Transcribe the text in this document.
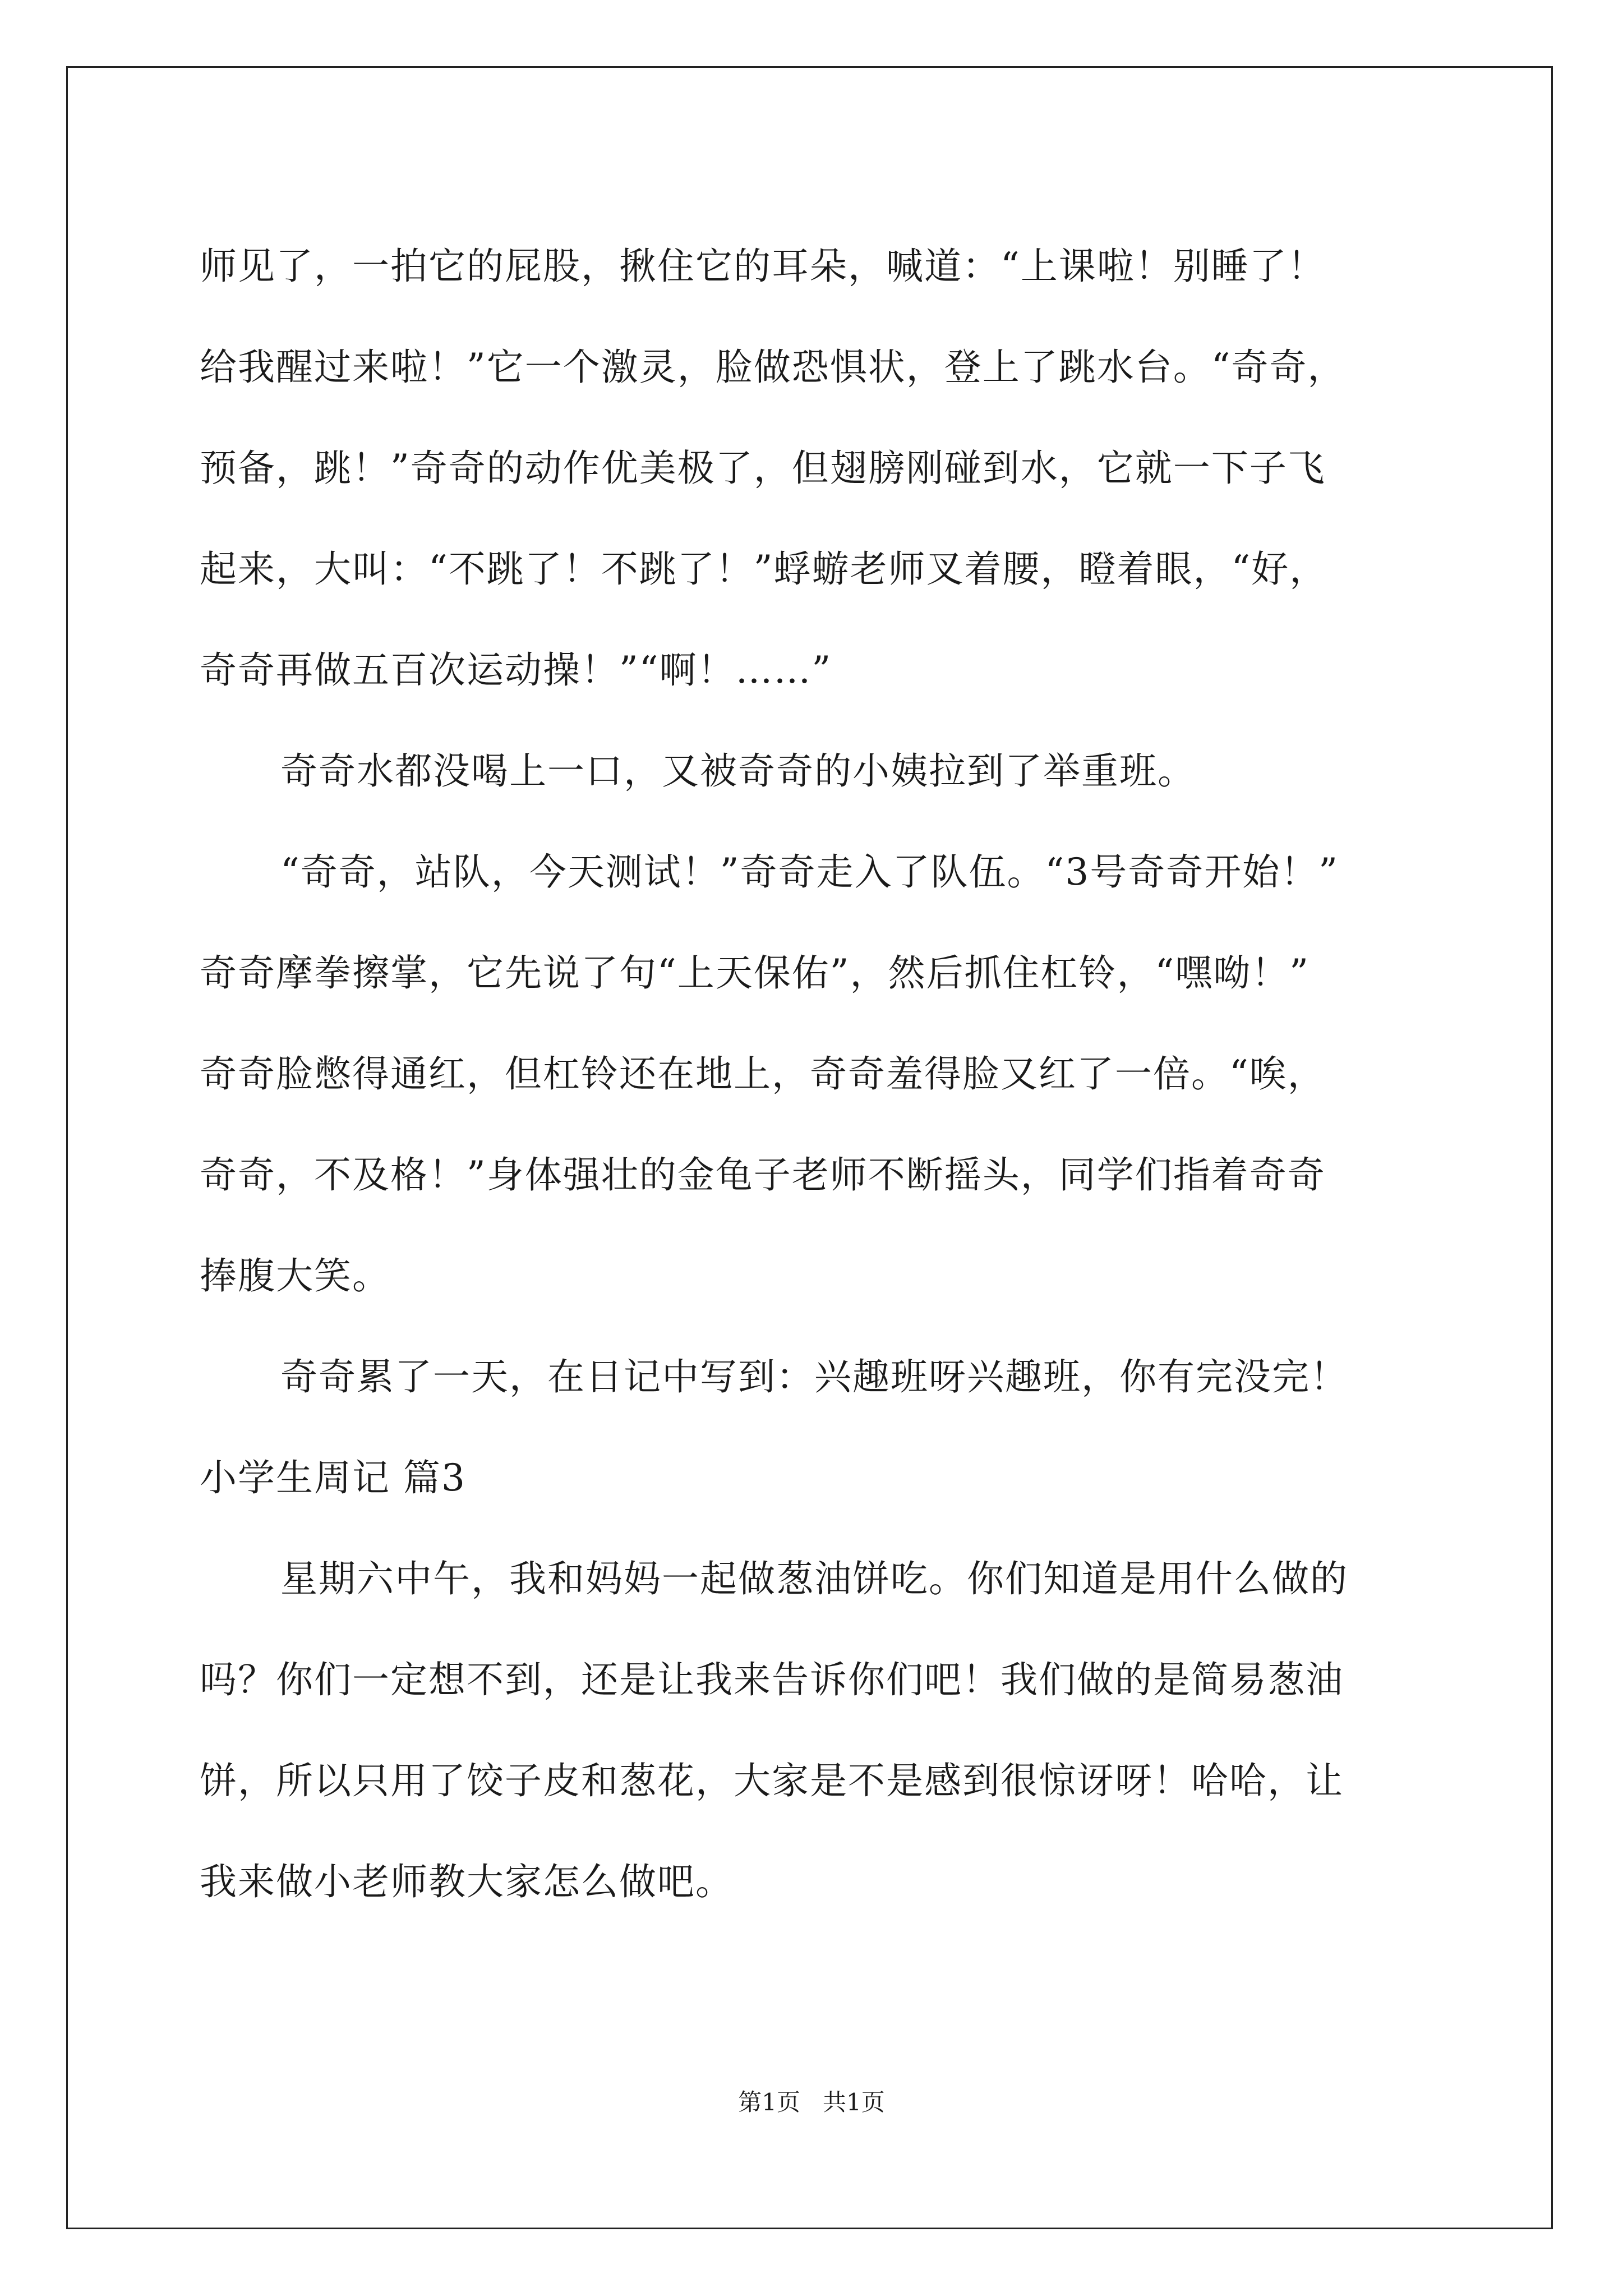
师见了，一拍它的屁股，揪住它的耳朵，喊道：“上课啦！别睡了！
给我醒过来啦！”它一个激灵，脸做恐惧状，登上了跳水台。“奇奇，
预备，跳！”奇奇的动作优美极了，但翅膀刚碰到水，它就一下子飞
起来，大叫：“不跳了！不跳了！”蜉蝣老师叉着腰，瞪着眼，“好，
奇奇再做五百次运动操！”“啊！……”
奇奇水都没喝上一口，又被奇奇的小姨拉到了举重班。
“奇奇，站队，今天测试！”奇奇走入了队伍。“3号奇奇开始！”
奇奇摩拳擦掌，它先说了句“上天保佑”，然后抓住杠铃，“嘿呦！”
奇奇脸憋得通红，但杠铃还在地上，奇奇羞得脸又红了一倍。“唉，
奇奇，不及格！”身体强壮的金龟子老师不断摇头，同学们指着奇奇
捧腹大笑。
奇奇累了一天，在日记中写到：兴趣班呀兴趣班，你有完没完！
小学生周记 篇3
星期六中午，我和妈妈一起做葱油饼吃。你们知道是用什么做的
吗？你们一定想不到，还是让我来告诉你们吧！我们做的是简易葱油
饼，所以只用了饺子皮和葱花，大家是不是感到很惊讶呀！哈哈，让
我来做小老师教大家怎么做吧。
第1页   共1页
